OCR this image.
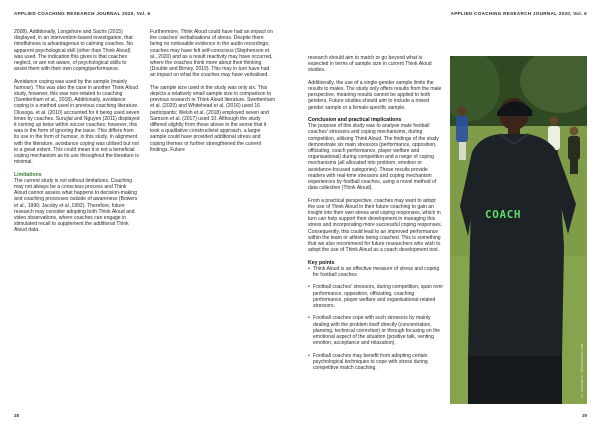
APPLIED COACHING RESEARCH JOURNAL 2020, Vol. 6	APPLIED COACHING RESEARCH JOURNAL 2020, Vol. 6

2008). Additionally, Longshore and Sachs (2015) displayed, in an intervention-based investigation, that mindfulness is advantageous to calming coaches. No apparent psychological skill (other than Think Aloud) was used. The indication this gives is that coaches neglect, or are not aware, of psychological skills to assist them with their own coping/performance.

Avoidance coping was used by the sample (mainly humour). This was also the case in another Think Aloud study, however, this was non-related to coaching (Swettenham et al., 2018). Additionally, avoidance coping is a method used in previous coaching literature. Olusoga, et al. (2010) accounted for it being used seven times by coaches. Surujlal and Nguyen (2011) displayed it coming up twice within soccer coaches; however, this was in the form of ignoring the issue. This differs from its use in the form of humour, in this study. In alignment with the literature, avoidance coping was utilised but not to a great extent. This could mean it is not a beneficial coping mechanism as its use throughout the literature is minimal.

Limitations

The current study is not without limitations. Coaching may not always be a conscious process and Think Aloud cannot assess what happens to decision-making and coaching processes outside of awareness (Bowers et al., 1990; Jacoby et al.,1992). Therefore, future research may consider adopting both Think Aloud and video observations, where coaches can engage in stimulated recall to supplement the additional Think Aloud data.

Furthermore, Think Aloud could have had an impact on the coaches' verbalisations of stress. Despite there being no noticeable evidence in the audio recordings, coaches may have felt self-conscious (Stephenson et al., 2020) and as a result reactivity may have occurred, where the coaches think more about their thinking (Double and Birney, 2019). This may in turn have had an impact on what the coaches may have verbalised.

The sample size used in the study was only six. This depicts a relatively small sample size in comparison to previous research in Think Aloud literature. Swettenham et al. (2020) and Whitehead et al. (2016) used 16 participants; Welsh et al. (2018) employed seven and Samson et al. (2017) used 10. Although the study differed slightly from those above in the sense that it took a qualitative constructivist approach, a larger sample could have provided additional stress and coping themes or further strengthened the current findings. Future

research should aim to match or go beyond what is expected in terms of sample size in current Think Aloud studies.

Additionally, the use of a single-gender sample limits the results to males. The study only offers results from the male perspective, meaning results cannot be applied to both genders. Future studies should aim to include a mixed gender sample or a female-specific sample.

Conclusion and practical implications

The purpose of this study was to analyse male football coaches' stressors and coping mechanisms, during competition, utilising Think Aloud. The findings of the study demonstrate six main stressors (performance, opposition, officiating, coach performance, player welfare and organisational) during competition and a range of coping mechanisms (all allocated into problem, emotion or avoidance-focused categories). These results provide readers with real-time stressors and coping mechanism experiences by football coaches, using a novel method of data collection (Think Aloud).

From a practical perspective, coaches may want to adopt the use of Think Aloud in their future coaching to gain an insight into their own stress and coping responses, which in turn can help support their development in managing this stress and incorporating more successful coping responses. Consequently, this could lead to an improved performance within the team or athlete being coached. This is something that we also recommend for future researchers who wish to adopt the use of Think Aloud as a coach development tool.

Key points
• Think Aloud is an effective measure of stress and coping for football coaches
• Football coaches' stressors, during competition, span over performance, opposition, officiating, coaching performance, player welfare and organisational-related stressors.
• Football coaches cope with such stressors by mainly dealing with the problem itself directly (concentration, planning, technical correction) or through focusing on the emotional aspect of the situation (positive talk, venting emotion, acceptance and relaxation).
• Football coaches may benefit from adopting certain psychological techniques to cope with stress during competitive match coaching.	© Lemonpics / Shutterstock.com
COACH
28	29
